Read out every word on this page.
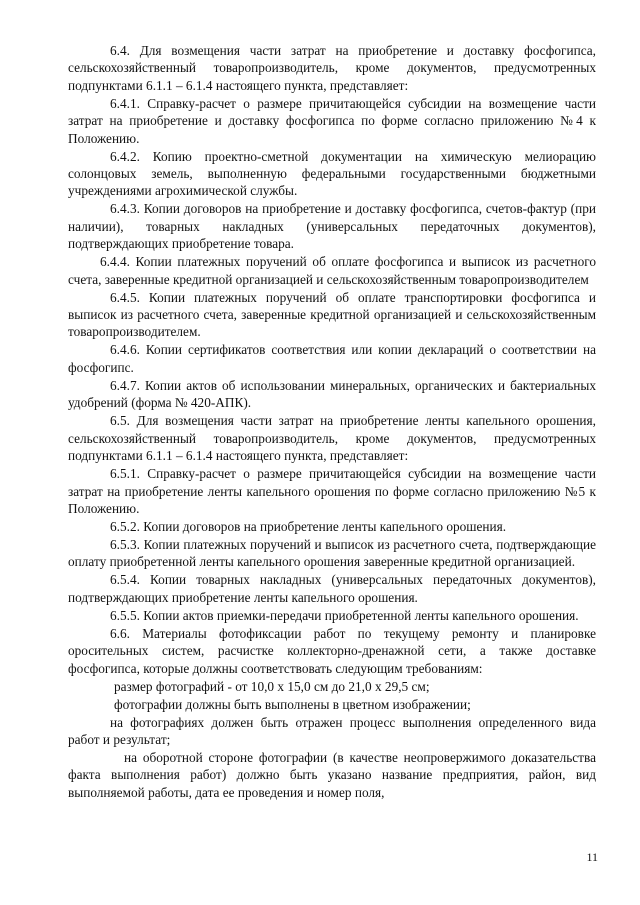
6.4. Для возмещения части затрат на приобретение и доставку фосфогипса, сельскохозяйственный товаропроизводитель, кроме документов, предусмотренных подпунктами 6.1.1 – 6.1.4 настоящего пункта, представляет:

6.4.1. Справку-расчет о размере причитающейся субсидии на возмещение части затрат на приобретение и доставку фосфогипса по форме согласно приложению №4 к Положению.

6.4.2. Копию проектно-сметной документации на химическую мелиорацию солонцовых земель, выполненную федеральными государственными бюджетными учреждениями агрохимической службы.

6.4.3. Копии договоров на приобретение и доставку фосфогипса, счетов-фактур (при наличии), товарных накладных (универсальных передаточных документов), подтверждающих приобретение товара.

6.4.4. Копии платежных поручений об оплате фосфогипса и выписок из расчетного счета, заверенные кредитной организацией и сельскохозяйственным товаропроизводителем

6.4.5. Копии платежных поручений об оплате транспортировки фосфогипса и выписок из расчетного счета, заверенные кредитной организацией и сельскохозяйственным товаропроизводителем.

6.4.6. Копии сертификатов соответствия или копии деклараций о соответствии на фосфогипс.

6.4.7. Копии актов об использовании минеральных, органических и бактериальных удобрений (форма № 420-АПК).

6.5. Для возмещения части затрат на приобретение ленты капельного орошения, сельскохозяйственный товаропроизводитель, кроме документов, предусмотренных подпунктами 6.1.1 – 6.1.4 настоящего пункта, представляет:

6.5.1. Справку-расчет о размере причитающейся субсидии на возмещение части затрат на приобретение ленты капельного орошения по форме согласно приложению №5 к Положению.

6.5.2. Копии договоров на приобретение ленты капельного орошения.

6.5.3. Копии платежных поручений и выписок из расчетного счета, подтверждающие оплату приобретенной ленты капельного орошения заверенные кредитной организацией.

6.5.4. Копии товарных накладных (универсальных передаточных документов), подтверждающих приобретение ленты капельного орошения.

6.5.5. Копии актов приемки-передачи приобретенной ленты капельного орошения.

6.6. Материалы фотофиксации работ по текущему ремонту и планировке оросительных систем, расчистке коллекторно-дренажной сети, а также доставке фосфогипса, которые должны соответствовать следующим требованиям:

размер фотографий - от 10,0 х 15,0 см до 21,0 х 29,5 см;

фотографии должны быть выполнены в цветном изображении;

на фотографиях должен быть отражен процесс выполнения определенного вида работ и результат;

на оборотной стороне фотографии (в качестве неопровержимого доказательства факта выполнения работ) должно быть указано название предприятия, район, вид выполняемой работы, дата ее проведения и номер поля,

11
